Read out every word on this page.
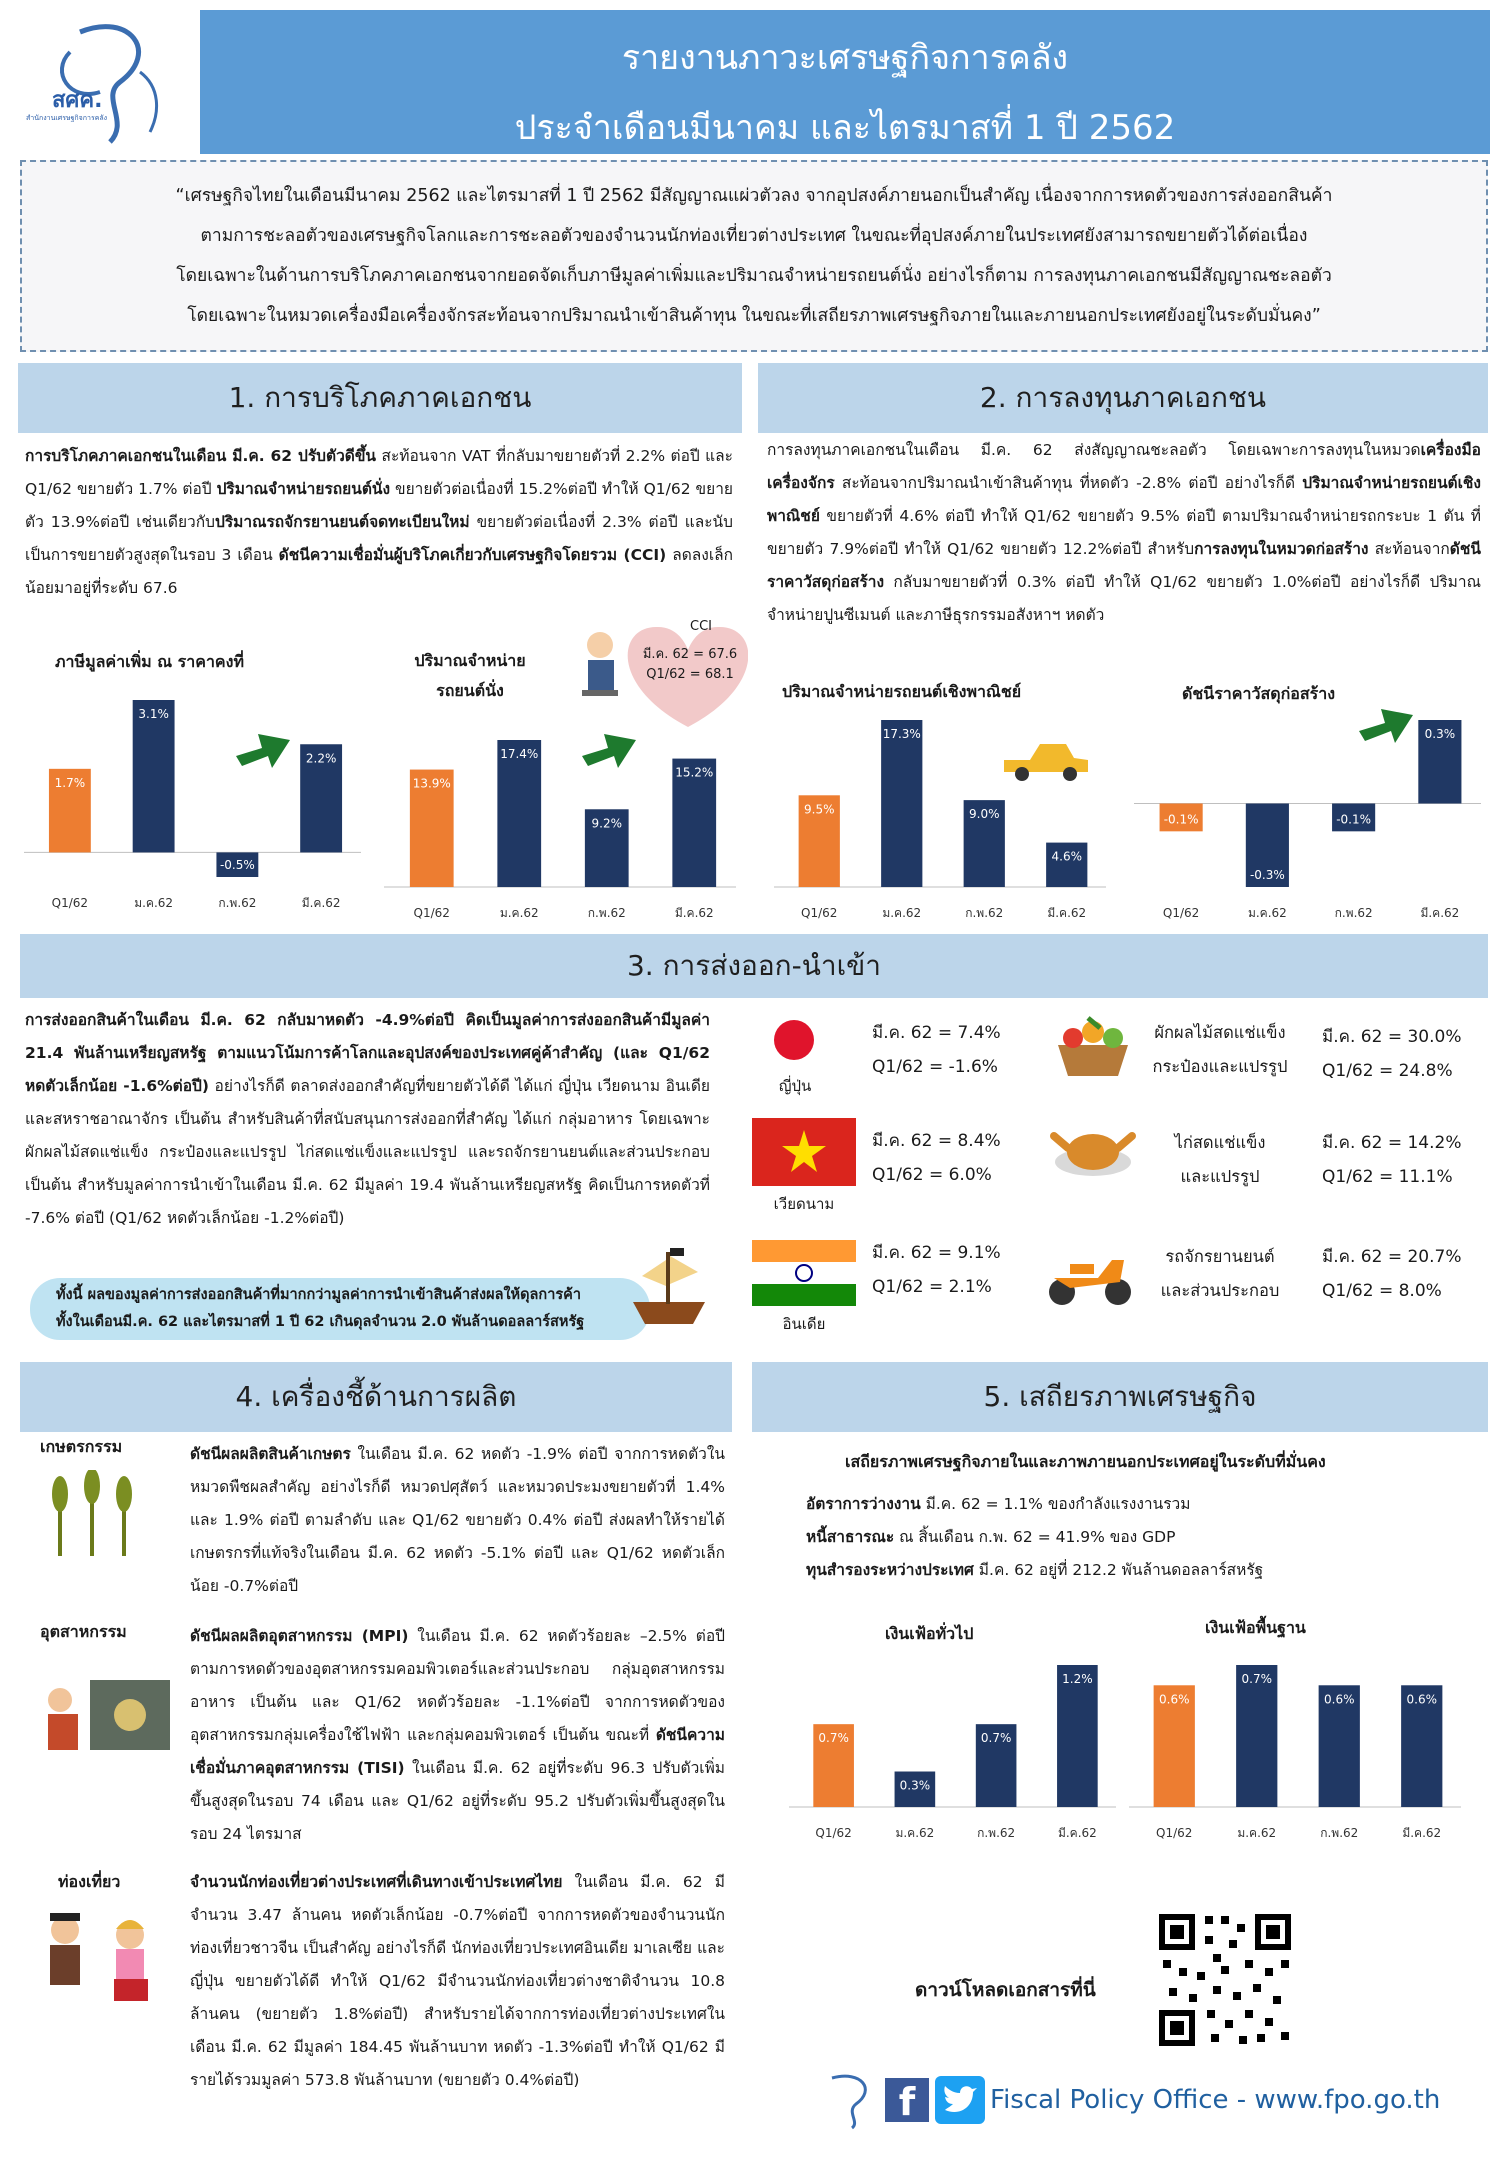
สศค.
สำนักงานเศรษฐกิจการคลัง
รายงานภาวะเศรษฐกิจการคลัง
ประจำเดือนมีนาคม และไตรมาสที่ 1 ปี 2562
“เศรษฐกิจไทยในเดือนมีนาคม 2562 และไตรมาสที่ 1 ปี 2562 มีสัญญาณแผ่วตัวลง จากอุปสงค์ภายนอกเป็นสำคัญ เนื่องจากการหดตัวของการส่งออกสินค้า
ตามการชะลอตัวของเศรษฐกิจโลกและการชะลอตัวของจำนวนนักท่องเที่ยวต่างประเทศ ในขณะที่อุปสงค์ภายในประเทศยังสามารถขยายตัวได้ต่อเนื่อง
โดยเฉพาะในด้านการบริโภคภาคเอกชนจากยอดจัดเก็บภาษีมูลค่าเพิ่มและปริมาณจำหน่ายรถยนต์นั่ง อย่างไรก็ตาม การลงทุนภาคเอกชนมีสัญญาณชะลอตัว
โดยเฉพาะในหมวดเครื่องมือเครื่องจักรสะท้อนจากปริมาณนำเข้าสินค้าทุน ในขณะที่เสถียรภาพเศรษฐกิจภายในและภายนอกประเทศยังอยู่ในระดับมั่นคง”
1. การบริโภคภาคเอกชน
การบริโภคภาคเอกชนในเดือน มี.ค. 62 ปรับตัวดีขึ้น สะท้อนจาก VAT ที่กลับมาขยายตัวที่ 2.2% ต่อปี และ Q1/62 ขยายตัว 1.7% ต่อปี ปริมาณจำหน่ายรถยนต์นั่ง ขยายตัวต่อเนื่องที่ 15.2%ต่อปี ทำให้ Q1/62 ขยายตัว 13.9%ต่อปี เช่นเดียวกับปริมาณรถจักรยานยนต์จดทะเบียนใหม่ ขยายตัวต่อเนื่องที่ 2.3% ต่อปี และนับเป็นการขยายตัวสูงสุดในรอบ 3 เดือน ดัชนีความเชื่อมั่นผู้บริโภคเกี่ยวกับเศรษฐกิจโดยรวม (CCI) ลดลงเล็กน้อยมาอยู่ที่ระดับ 67.6
ภาษีมูลค่าเพิ่ม ณ ราคาคงที่	ปริมาณจำหน่าย รถยนต์นั่ง
CCI
มี.ค. 62 = 67.6
Q1/62 = 68.1
1.7%
Q1/62
3.1%
ม.ค.62
-0.5%
ก.พ.62
2.2%
มี.ค.62
13.9%
Q1/62
17.4%
ม.ค.62
9.2%
ก.พ.62
15.2%
มี.ค.62
2. การลงทุนภาคเอกชน
การลงทุนภาคเอกชนในเดือน มี.ค. 62 ส่งสัญญาณชะลอตัว โดยเฉพาะการลงทุนในหมวดเครื่องมือเครื่องจักร สะท้อนจากปริมาณนำเข้าสินค้าทุน ที่หดตัว -2.8% ต่อปี อย่างไรก็ดี ปริมาณจำหน่ายรถยนต์เชิงพาณิชย์ ขยายตัวที่ 4.6% ต่อปี ทำให้ Q1/62 ขยายตัว 9.5% ต่อปี ตามปริมาณจำหน่ายรถกระบะ 1 ตัน ที่ขยายตัว 7.9%ต่อปี ทำให้ Q1/62 ขยายตัว 12.2%ต่อปี สำหรับการลงทุนในหมวดก่อสร้าง สะท้อนจากดัชนีราคาวัสดุก่อสร้าง กลับมาขยายตัวที่ 0.3% ต่อปี ทำให้ Q1/62 ขยายตัว 1.0%ต่อปี อย่างไรก็ดี ปริมาณจำหน่ายปูนซีเมนต์ และภาษีธุรกรรมอสังหาฯ หดตัว
ปริมาณจำหน่ายรถยนต์เชิงพาณิชย์	ดัชนีราคาวัสดุก่อสร้าง
9.5%
Q1/62
17.3%
ม.ค.62
9.0%
ก.พ.62
4.6%
มี.ค.62
-0.1%
Q1/62
-0.3%
ม.ค.62
-0.1%
ก.พ.62
0.3%
มี.ค.62
3. การส่งออก-นำเข้า
การส่งออกสินค้าในเดือน มี.ค. 62 กลับมาหดตัว -4.9%ต่อปี คิดเป็นมูลค่าการส่งออกสินค้ามีมูลค่า 21.4 พันล้านเหรียญสหรัฐ ตามแนวโน้มการค้าโลกและอุปสงค์ของประเทศคู่ค้าสำคัญ (และ Q1/62 หดตัวเล็กน้อย -1.6%ต่อปี) อย่างไรก็ดี ตลาดส่งออกสำคัญที่ขยายตัวได้ดี ได้แก่ ญี่ปุ่น เวียดนาม อินเดีย และสหราชอาณาจักร เป็นต้น สำหรับสินค้าที่สนับสนุนการส่งออกที่สำคัญ ได้แก่ กลุ่มอาหาร โดยเฉพาะผักผลไม้สดแช่แข็ง กระป๋องและแปรรูป ไก่สดแช่แข็งและแปรรูป และรถจักรยานยนต์และส่วนประกอบ เป็นต้น สำหรับมูลค่าการนำเข้าในเดือน มี.ค. 62 มีมูลค่า 19.4 พันล้านเหรียญสหรัฐ คิดเป็นการหดตัวที่ -7.6% ต่อปี (Q1/62 หดตัวเล็กน้อย -1.2%ต่อปี)
ทั้งนี้ ผลของมูลค่าการส่งออกสินค้าที่มากกว่ามูลค่าการนำเข้าสินค้าส่งผลให้ดุลการค้า
ทั้งในเดือนมี.ค. 62 และไตรมาสที่ 1 ปี 62 เกินดุลจำนวน 2.0 พันล้านดอลลาร์สหรัฐ
ญี่ปุ่น
มี.ค. 62 = 7.4%
Q1/62 = -1.6%
เวียดนาม
มี.ค. 62 = 8.4%
Q1/62 = 6.0%
อินเดีย
มี.ค. 62 = 9.1%
Q1/62 = 2.1%
ผักผลไม้สดแช่แข็ง
กระป๋องและแปรรูป
มี.ค. 62 = 30.0%
Q1/62 = 24.8%
ไก่สดแช่แข็ง
และแปรรูป
มี.ค. 62 = 14.2%
Q1/62 = 11.1%
รถจักรยานยนต์
และส่วนประกอบ
มี.ค. 62 = 20.7%
Q1/62 = 8.0%
4. เครื่องชี้ด้านการผลิต
เกษตรกรรม	ดัชนีผลผลิตสินค้าเกษตร ในเดือน มี.ค. 62 หดตัว -1.9% ต่อปี จากการหดตัวในหมวดพืชผลสำคัญ อย่างไรก็ดี หมวดปศุสัตว์ และหมวดประมงขยายตัวที่ 1.4% และ 1.9% ต่อปี ตามลำดับ และ Q1/62 ขยายตัว 0.4% ต่อปี ส่งผลทำให้รายได้เกษตรกรที่แท้จริงในเดือน มี.ค. 62 หดตัว -5.1% ต่อปี และ Q1/62 หดตัวเล็กน้อย -0.7%ต่อปี
อุตสาหกรรม	ดัชนีผลผลิตอุตสาหกรรม (MPI) ในเดือน มี.ค. 62 หดตัวร้อยละ –2.5% ต่อปี ตามการหดตัวของอุตสาหกรรมคอมพิวเตอร์และส่วนประกอบ กลุ่มอุตสาหกรรมอาหาร เป็นต้น และ Q1/62 หดตัวร้อยละ -1.1%ต่อปี จากการหดตัวของอุตสาหกรรมกลุ่มเครื่องใช้ไฟฟ้า และกลุ่มคอมพิวเตอร์ เป็นต้น ขณะที่ ดัชนีความเชื่อมั่นภาคอุตสาหกรรม (TISI) ในเดือน มี.ค. 62 อยู่ที่ระดับ 96.3 ปรับตัวเพิ่มขึ้นสูงสุดในรอบ 74 เดือน และ Q1/62 อยู่ที่ระดับ 95.2 ปรับตัวเพิ่มขึ้นสูงสุดในรอบ 24 ไตรมาส
ท่องเที่ยว	จำนวนนักท่องเที่ยวต่างประเทศที่เดินทางเข้าประเทศไทย ในเดือน มี.ค. 62 มีจำนวน 3.47 ล้านคน หดตัวเล็กน้อย -0.7%ต่อปี จากการหดตัวของจำนวนนักท่องเที่ยวชาวจีน เป็นสำคัญ อย่างไรก็ดี นักท่องเที่ยวประเทศอินเดีย มาเลเซีย และญี่ปุ่น ขยายตัวได้ดี ทำให้ Q1/62 มีจำนวนนักท่องเที่ยวต่างชาติจำนวน 10.8 ล้านคน (ขยายตัว 1.8%ต่อปี) สำหรับรายได้จากการท่องเที่ยวต่างประเทศในเดือน มี.ค. 62 มีมูลค่า 184.45 พันล้านบาท หดตัว -1.3%ต่อปี ทำให้ Q1/62 มีรายได้รวมมูลค่า 573.8 พันล้านบาท (ขยายตัว 0.4%ต่อปี)
5. เสถียรภาพเศรษฐกิจ
เสถียรภาพเศรษฐกิจภายในและภาพภายนอกประเทศอยู่ในระดับที่มั่นคง
อัตราการว่างงาน มี.ค. 62 = 1.1% ของกำลังแรงงานรวม
หนี้สาธารณะ ณ สิ้นเดือน ก.พ. 62 = 41.9% ของ GDP
ทุนสำรองระหว่างประเทศ มี.ค. 62 อยู่ที่ 212.2 พันล้านดอลลาร์สหรัฐ
เงินเฟ้อทั่วไป	เงินเฟ้อพื้นฐาน
0.7%
Q1/62
0.3%
ม.ค.62
0.7%
ก.พ.62
1.2%
มี.ค.62
0.6%
Q1/62
0.7%
ม.ค.62
0.6%
ก.พ.62
0.6%
มี.ค.62
ดาวน์โหลดเอกสารที่นี่
f	Fiscal Policy Office - www.fpo.go.th
